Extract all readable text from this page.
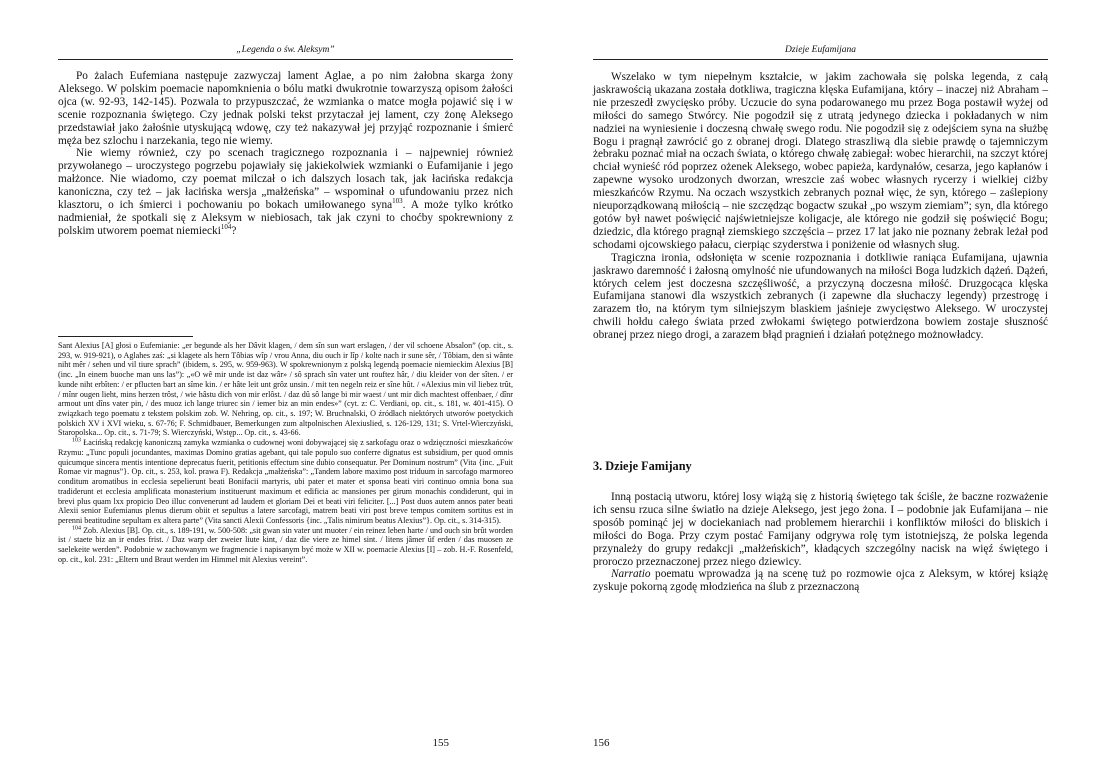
„Legenda o św. Aleksym”

Po żalach Eufemiana następuje zazwyczaj lament Aglae, a po nim żałobna skarga żony Aleksego. W polskim poemacie napomknienia o bólu matki dwukrotnie towarzyszą opisom żałości ojca (w. 92-93, 142-145). Pozwala to przypuszczać, że wzmianka o matce mogła pojawić się i w scenie rozpoznania świętego. Czy jednak polski tekst przytaczał jej lament, czy żonę Aleksego przedstawiał jako żałośnie utyskującą wdowę, czy też nakazywał jej przyjąć rozpoznanie i śmierć męża bez szlochu i narzekania, tego nie wiemy.

Nie wiemy również, czy po scenach tragicznego rozpoznania i – najpewniej również przywołanego – uroczystego pogrzebu pojawiały się jakiekolwiek wzmianki o Eufamijanie i jego małżonce. Nie wiadomo, czy poemat milczał o ich dalszych losach tak, jak łacińska redakcja kanoniczna, czy też – jak łacińska wersja „małżeńska” – wspominał o ufundowaniu przez nich klasztoru, o ich śmierci i pochowaniu po bokach umiłowanego syna$^{103}$. A może tylko krótko nadmieniał, że spotkali się z Aleksym w niebiosach, tak jak czyni to choćby spokrewniony z polskim utworem poemat niemiecki$^{104}$?

Sant Alexius [A] głosi o Eufemianie: „er begunde als her Dâvit klagen, / dem sîn sun wart erslagen, / der vil schoene Absalon” (op. cit., s. 293, w. 919-921), o Aglahes zaś: „si klagete als hern Tôbias wîp / vrou Anna, diu ouch ir lîp / kolte nach ir sune sêr, / Tôbiam, den si wânte niht mêr / sehen und vil tiure sprach” (ibidem, s. 295, w. 959-963). W spokrewnionym z polską legendą poemacie niemieckim Alexius [B] (inc. „In einem buoche man uns las”): „«O wê mir unde ist daz wâr» / sô sprach sîn vater unt rouftez hâr, / diu kleider von der sîten. / er kunde niht erbîten: / er pflucten bart an sîme kin. / er hâte leit unt grôz unsin. / mit ten negeln reiz er sîne hût. / «Alexius min vil liebez trût, / mînr ougen lieht, mins herzen trôst, / wie hâstu dich von mir erlôst. / daz dû sô lange bi mir waest / unt mir dich machtest offenbaer, / dînr armout unt dîns vater pin, / des muoz ich lange triurec sin / iemer biz an min endes»” (cyt. z: C. Verdiani, op. cit., s. 181, w. 401-415). O związkach tego poematu z tekstem polskim zob. W. Nehring, op. cit., s. 197; W. Bruchnalski, O źródłach niektórych utworów poetyckich polskich XV i XVI wieku, s. 67-76; F. Schmidbauer, Bemerkungen zum altpolnischen Alexiuslied, s. 126-129, 131; S. Vrtel-Wierczyński, Staropolska... Op. cit., s. 71-79; S. Wierczyński, Wstęp... Op. cit., s. 43-66.

$^{103}$ Łacińską redakcję kanoniczną zamyka wzmianka o cudownej woni dobywającej się z sarkofagu oraz o wdzięczności mieszkańców Rzymu: „Tunc populi jocundantes, maximas Domino gratias agebant, qui tale populo suo conferre dignatus est subsidium, per quod omnis quicumque sincera mentis intentione deprecatus fuerit, petitionis effectum sine dubio consequatur. Per Dominum nostrum” (Vita {inc. „Fuit Romae vir magnus”}. Op. cit., s. 253, kol. prawa F). Redakcja „małżeńska”: „Tandem labore maximo post triduum in sarcofago marmoreo conditum aromatibus in ecclesia sepelierunt beati Bonifacii martyris, ubi pater et mater et sponsa beati viri continuo omnia bona sua tradiderunt et ecclesia amplificata monasterium instituerunt maximum et edificia ac mansiones per girum monachis condiderunt, qui in brevi plus quam lxx propicio Deo illuc convenerunt ad laudem et gloriam Dei et beati viri feliciter. [...] Post duos autem annos pater beati Alexii senior Eufemianus plenus dierum obiit et sepultus a latere sarcofagi, matrem beati viri post breve tempus comitem sortitus est in perenni beatitudine sepultam ex altera parte” (Vita sancti Alexii Confessoris {inc. „Talis nimirum beatus Alexius”}. Op. cit., s. 314-315).

$^{104}$ Zob. Alexius [B]. Op. cit., s. 189-191, w. 500-508: „sit gwan sin vater unt muoter / ein reinez leben harte / und ouch sin brût worden ist / staete biz an ir endes frist. / Daz warp der zweier liute kint, / daz die viere ze himel sint. / litens jâmer ûf erden / das muosen ze saelekeite werden”. Podobnie w zachowanym we fragmencie i napisanym być może w XII w. poemacie Alexius [I] – zob. H.-F. Rosenfeld, op. cit., kol. 231: „Eltern und Braut werden im Himmel mit Alexius vereint”.

155
Dzieje Eufamijana

Wszelako w tym niepełnym kształcie, w jakim zachowała się polska legenda, z całą jaskrawością ukazana została dotkliwa, tragiczna klęska Eufamijana, który – inaczej niż Abraham – nie przeszedł zwycięsko próby. Uczucie do syna podarowanego mu przez Boga postawił wyżej od miłości do samego Stwórcy. Nie pogodził się z utratą jedynego dziecka i pokładanych w nim nadziei na wyniesienie i doczesną chwałę swego rodu. Nie pogodził się z odejściem syna na służbę Bogu i pragnął zawrócić go z obranej drogi. Dlatego straszliwą dla siebie prawdę o tajemniczym żebraku poznać miał na oczach świata, o którego chwałę zabiegał: wobec hierarchii, na szczyt której chciał wynieść ród poprzez ożenek Aleksego, wobec papieża, kardynałów, cesarza, jego kapłanów i zapewne wysoko urodzonych dworzan, wreszcie zaś wobec własnych rycerzy i wielkiej ciżby mieszkańców Rzymu. Na oczach wszystkich zebranych poznał więc, że syn, którego – zaślepiony nieuporządkowaną miłością – nie szczędząc bogactw szukał „po wszym ziemiam”; syn, dla którego gotów był nawet poświęcić najświetniejsze koligacje, ale którego nie godził się poświęcić Bogu; dziedzic, dla którego pragnął ziemskiego szczęścia – przez 17 lat jako nie poznany żebrak leżał pod schodami ojcowskiego pałacu, cierpiąc szyderstwa i poniżenie od własnych sług.

Tragiczna ironia, odsłonięta w scenie rozpoznania i dotkliwie raniąca Eufamijana, ujawnia jaskrawo daremność i żałosną omylność nie ufundowanych na miłości Boga ludzkich dążeń. Dążeń, których celem jest doczesna szczęśliwość, a przyczyną doczesna miłość. Druzgocąca klęska Eufamijana stanowi dla wszystkich zebranych (i zapewne dla słuchaczy legendy) przestrogę i zarazem tło, na którym tym silniejszym blaskiem jaśnieje zwycięstwo Aleksego. W uroczystej chwili hołdu całego świata przed zwłokami świętego potwierdzona bowiem zostaje słuszność obranej przez niego drogi, a zarazem błąd pragnień i działań potężnego możnowładcy.

3. Dzieje Famijany

Inną postacią utworu, której losy wiążą się z historią świętego tak ściśle, że baczne rozważenie ich sensu rzuca silne światło na dzieje Aleksego, jest jego żona. I – podobnie jak Eufamijana – nie sposób pominąć jej w dociekaniach nad problemem hierarchii i konfliktów miłości do bliskich i miłości do Boga. Przy czym postać Famijany odgrywa rolę tym istotniejszą, że polska legenda przynależy do grupy redakcji „małżeńskich”, kładących szczególny nacisk na więź świętego i proroczo przeznaczonej przez niego dziewicy.

Narratio poematu wprowadza ją na scenę tuż po rozmowie ojca z Aleksym, w której książę zyskuje pokorną zgodę młodzieńca na ślub z przeznaczoną

156
